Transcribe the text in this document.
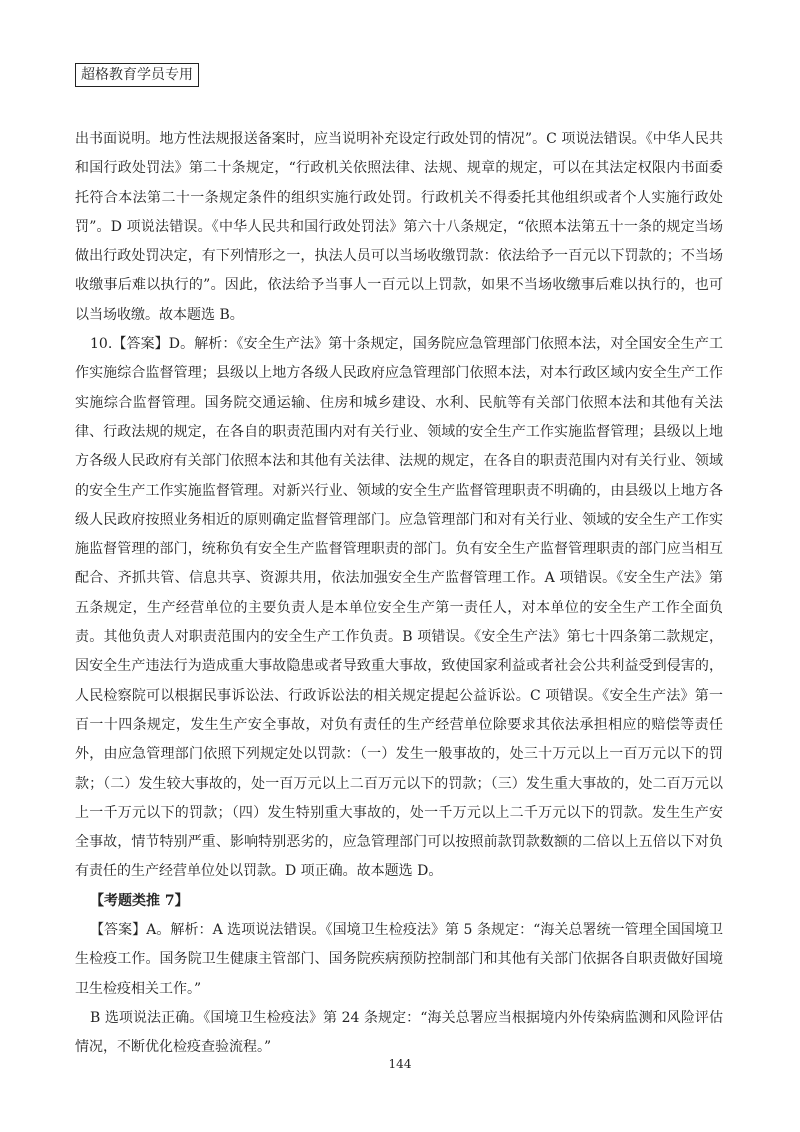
超格教育学员专用

出书面说明。地方性法规报送备案时，应当说明补充设定行政处罚的情况”。C 项说法错误。《中华人民共和国行政处罚法》第二十条规定，“行政机关依照法律、法规、规章的规定，可以在其法定权限内书面委托符合本法第二十一条规定条件的组织实施行政处罚。行政机关不得委托其他组织或者个人实施行政处罚”。D 项说法错误。《中华人民共和国行政处罚法》第六十八条规定，“依照本法第五十一条的规定当场做出行政处罚决定，有下列情形之一，执法人员可以当场收缴罚款：依法给予一百元以下罚款的；不当场收缴事后难以执行的”。因此，依法给予当事人一百元以上罚款，如果不当场收缴事后难以执行的，也可以当场收缴。故本题选 B。

10.【答案】D。解析：《安全生产法》第十条规定，国务院应急管理部门依照本法，对全国安全生产工作实施综合监督管理；县级以上地方各级人民政府应急管理部门依照本法，对本行政区域内安全生产工作实施综合监督管理。国务院交通运输、住房和城乡建设、水利、民航等有关部门依照本法和其他有关法律、行政法规的规定，在各自的职责范围内对有关行业、领域的安全生产工作实施监督管理；县级以上地方各级人民政府有关部门依照本法和其他有关法律、法规的规定，在各自的职责范围内对有关行业、领域的安全生产工作实施监督管理。对新兴行业、领域的安全生产监督管理职责不明确的，由县级以上地方各级人民政府按照业务相近的原则确定监督管理部门。应急管理部门和对有关行业、领域的安全生产工作实施监督管理的部门，统称负有安全生产监督管理职责的部门。负有安全生产监督管理职责的部门应当相互配合、齐抓共管、信息共享、资源共用，依法加强安全生产监督管理工作。A 项错误。《安全生产法》第五条规定，生产经营单位的主要负责人是本单位安全生产第一责任人，对本单位的安全生产工作全面负责。其他负责人对职责范围内的安全生产工作负责。B 项错误。《安全生产法》第七十四条第二款规定，因安全生产违法行为造成重大事故隐患或者导致重大事故，致使国家利益或者社会公共利益受到侵害的，人民检察院可以根据民事诉讼法、行政诉讼法的相关规定提起公益诉讼。C 项错误。《安全生产法》第一百一十四条规定，发生生产安全事故，对负有责任的生产经营单位除要求其依法承担相应的赔偿等责任外，由应急管理部门依照下列规定处以罚款：（一）发生一般事故的，处三十万元以上一百万元以下的罚款；（二）发生较大事故的，处一百万元以上二百万元以下的罚款；（三）发生重大事故的，处二百万元以上一千万元以下的罚款；（四）发生特别重大事故的，处一千万元以上二千万元以下的罚款。发生生产安全事故，情节特别严重、影响特别恶劣的，应急管理部门可以按照前款罚款数额的二倍以上五倍以下对负有责任的生产经营单位处以罚款。D 项正确。故本题选 D。

【考题类推 7】

【答案】A。解析：A 选项说法错误。《国境卫生检疫法》第 5 条规定：“海关总署统一管理全国国境卫生检疫工作。国务院卫生健康主管部门、国务院疾病预防控制部门和其他有关部门依据各自职责做好国境卫生检疫相关工作。”

B 选项说法正确。《国境卫生检疫法》第 24 条规定：“海关总署应当根据境内外传染病监测和风险评估情况，不断优化检疫查验流程。”

144
